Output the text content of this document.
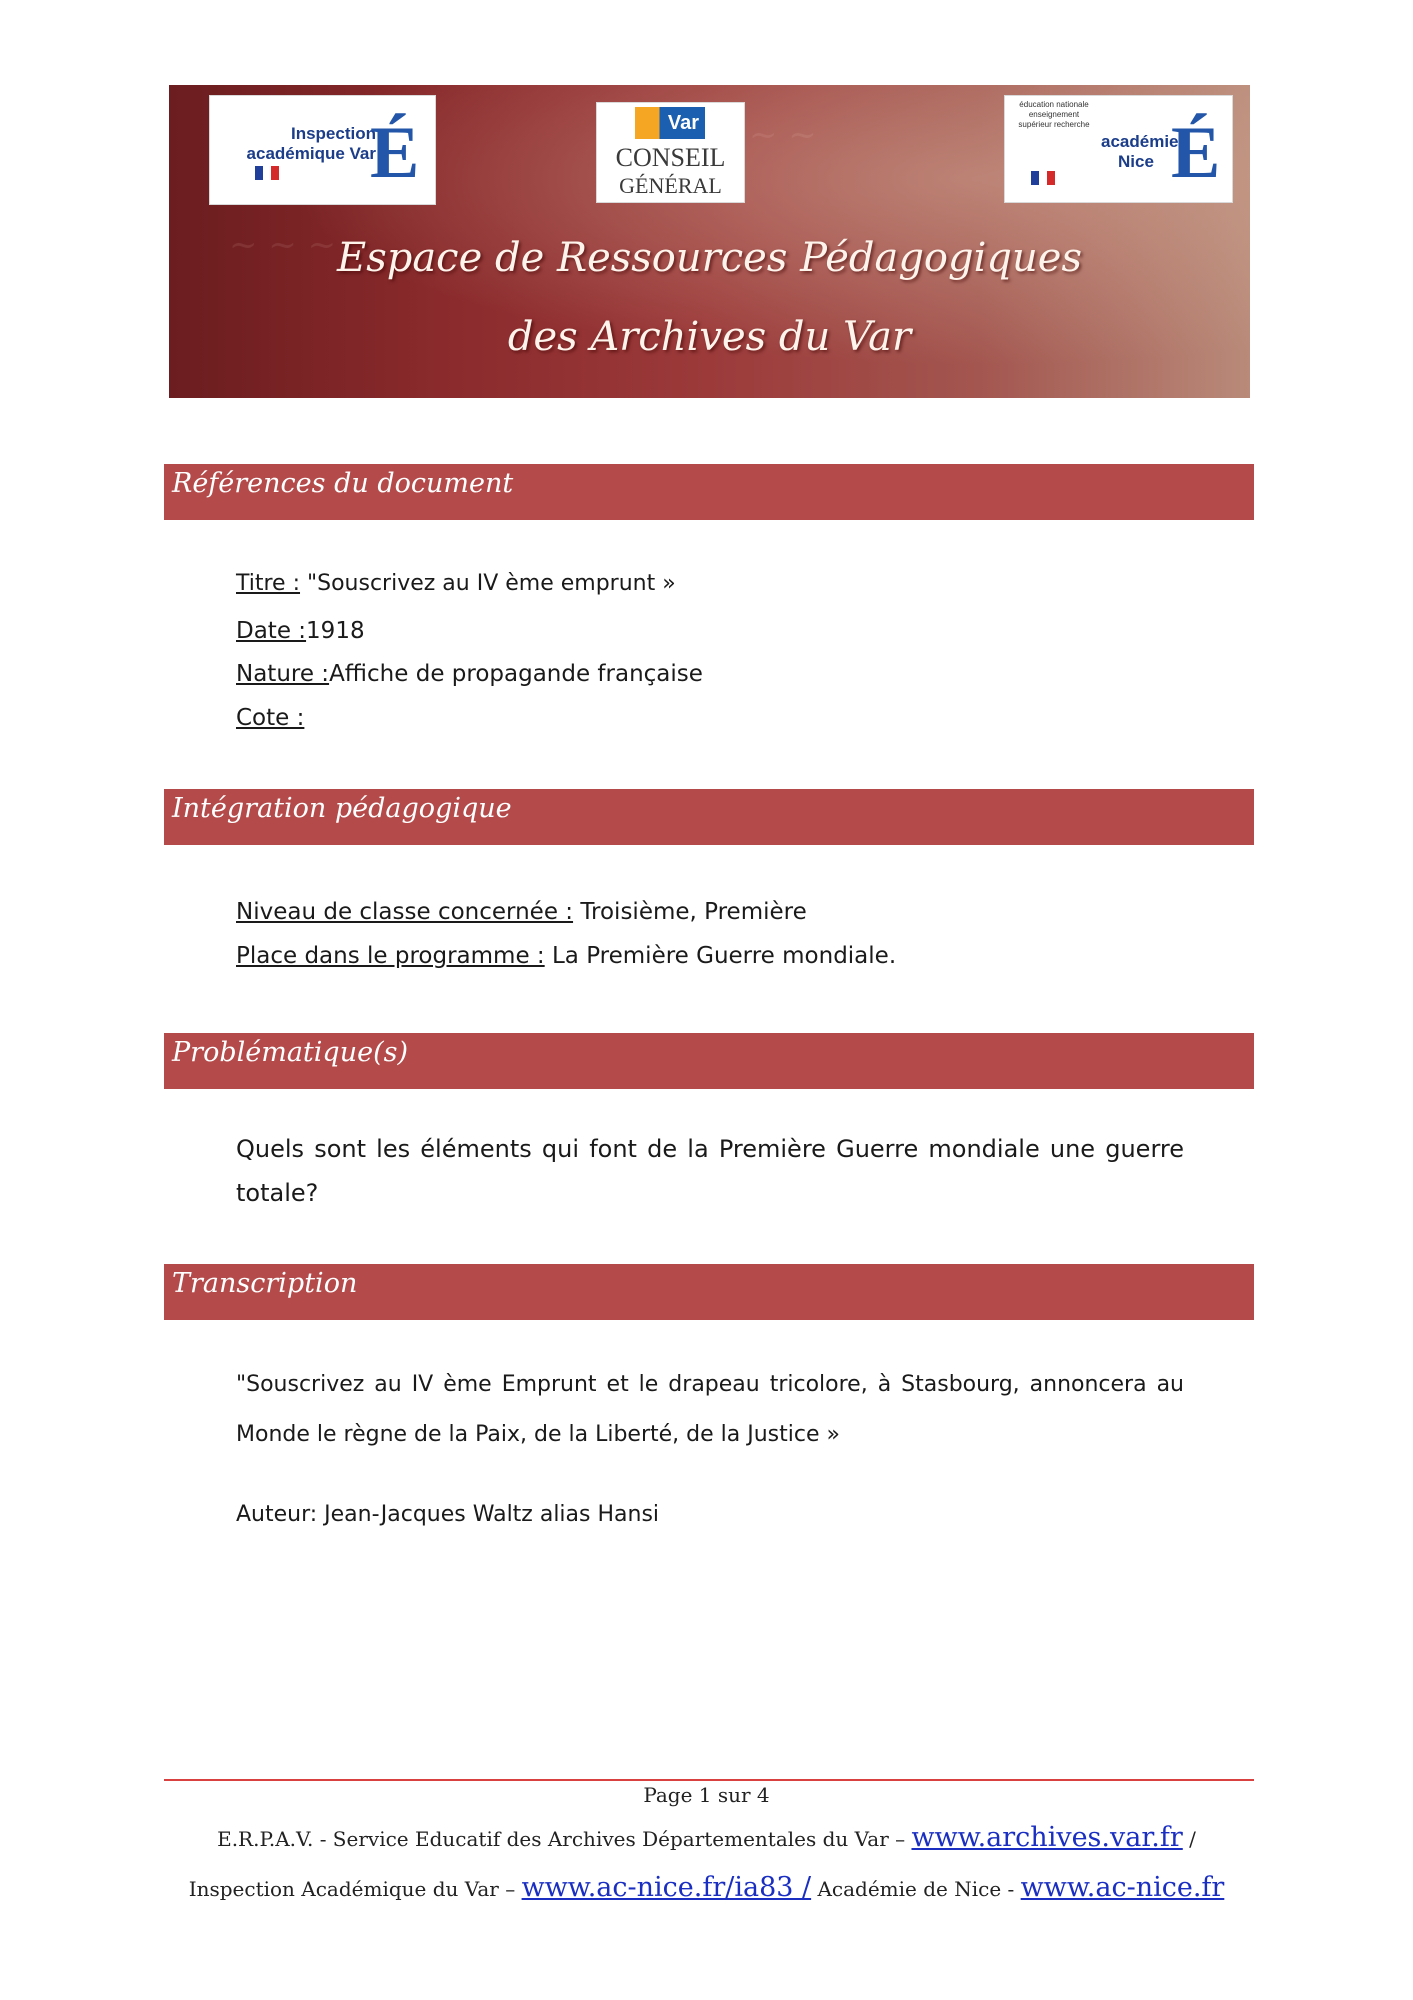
~ ~ ~
~ ~
Inspection académique Var
É	Var
CONSEIL
GÉNÉRAL
éducation nationale enseignement supérieur recherche
académie Nice É
Espace de Ressources Pédagogiques
des Archives du Var
Références du document
Titre : "Souscrivez au IV ème emprunt »
Date :1918
Nature :Affiche de propagande française
Cote :
Intégration pédagogique
Niveau de classe concernée : Troisième, Première
Place dans le programme : La Première Guerre mondiale.
Problématique(s)
Quels sont les éléments qui font de la Première Guerre mondiale une guerre totale?
Transcription
"Souscrivez au IV ème Emprunt et le drapeau tricolore, à Stasbourg, annoncera au Monde le règne de la Paix, de la Liberté, de la Justice »
Auteur: Jean-Jacques Waltz alias Hansi
Page 1 sur 4
E.R.P.A.V. - Service Educatif des Archives Départementales du Var – www.archives.var.fr /
Inspection Académique du Var – www.ac-nice.fr/ia83 / Académie de Nice - www.ac-nice.fr
